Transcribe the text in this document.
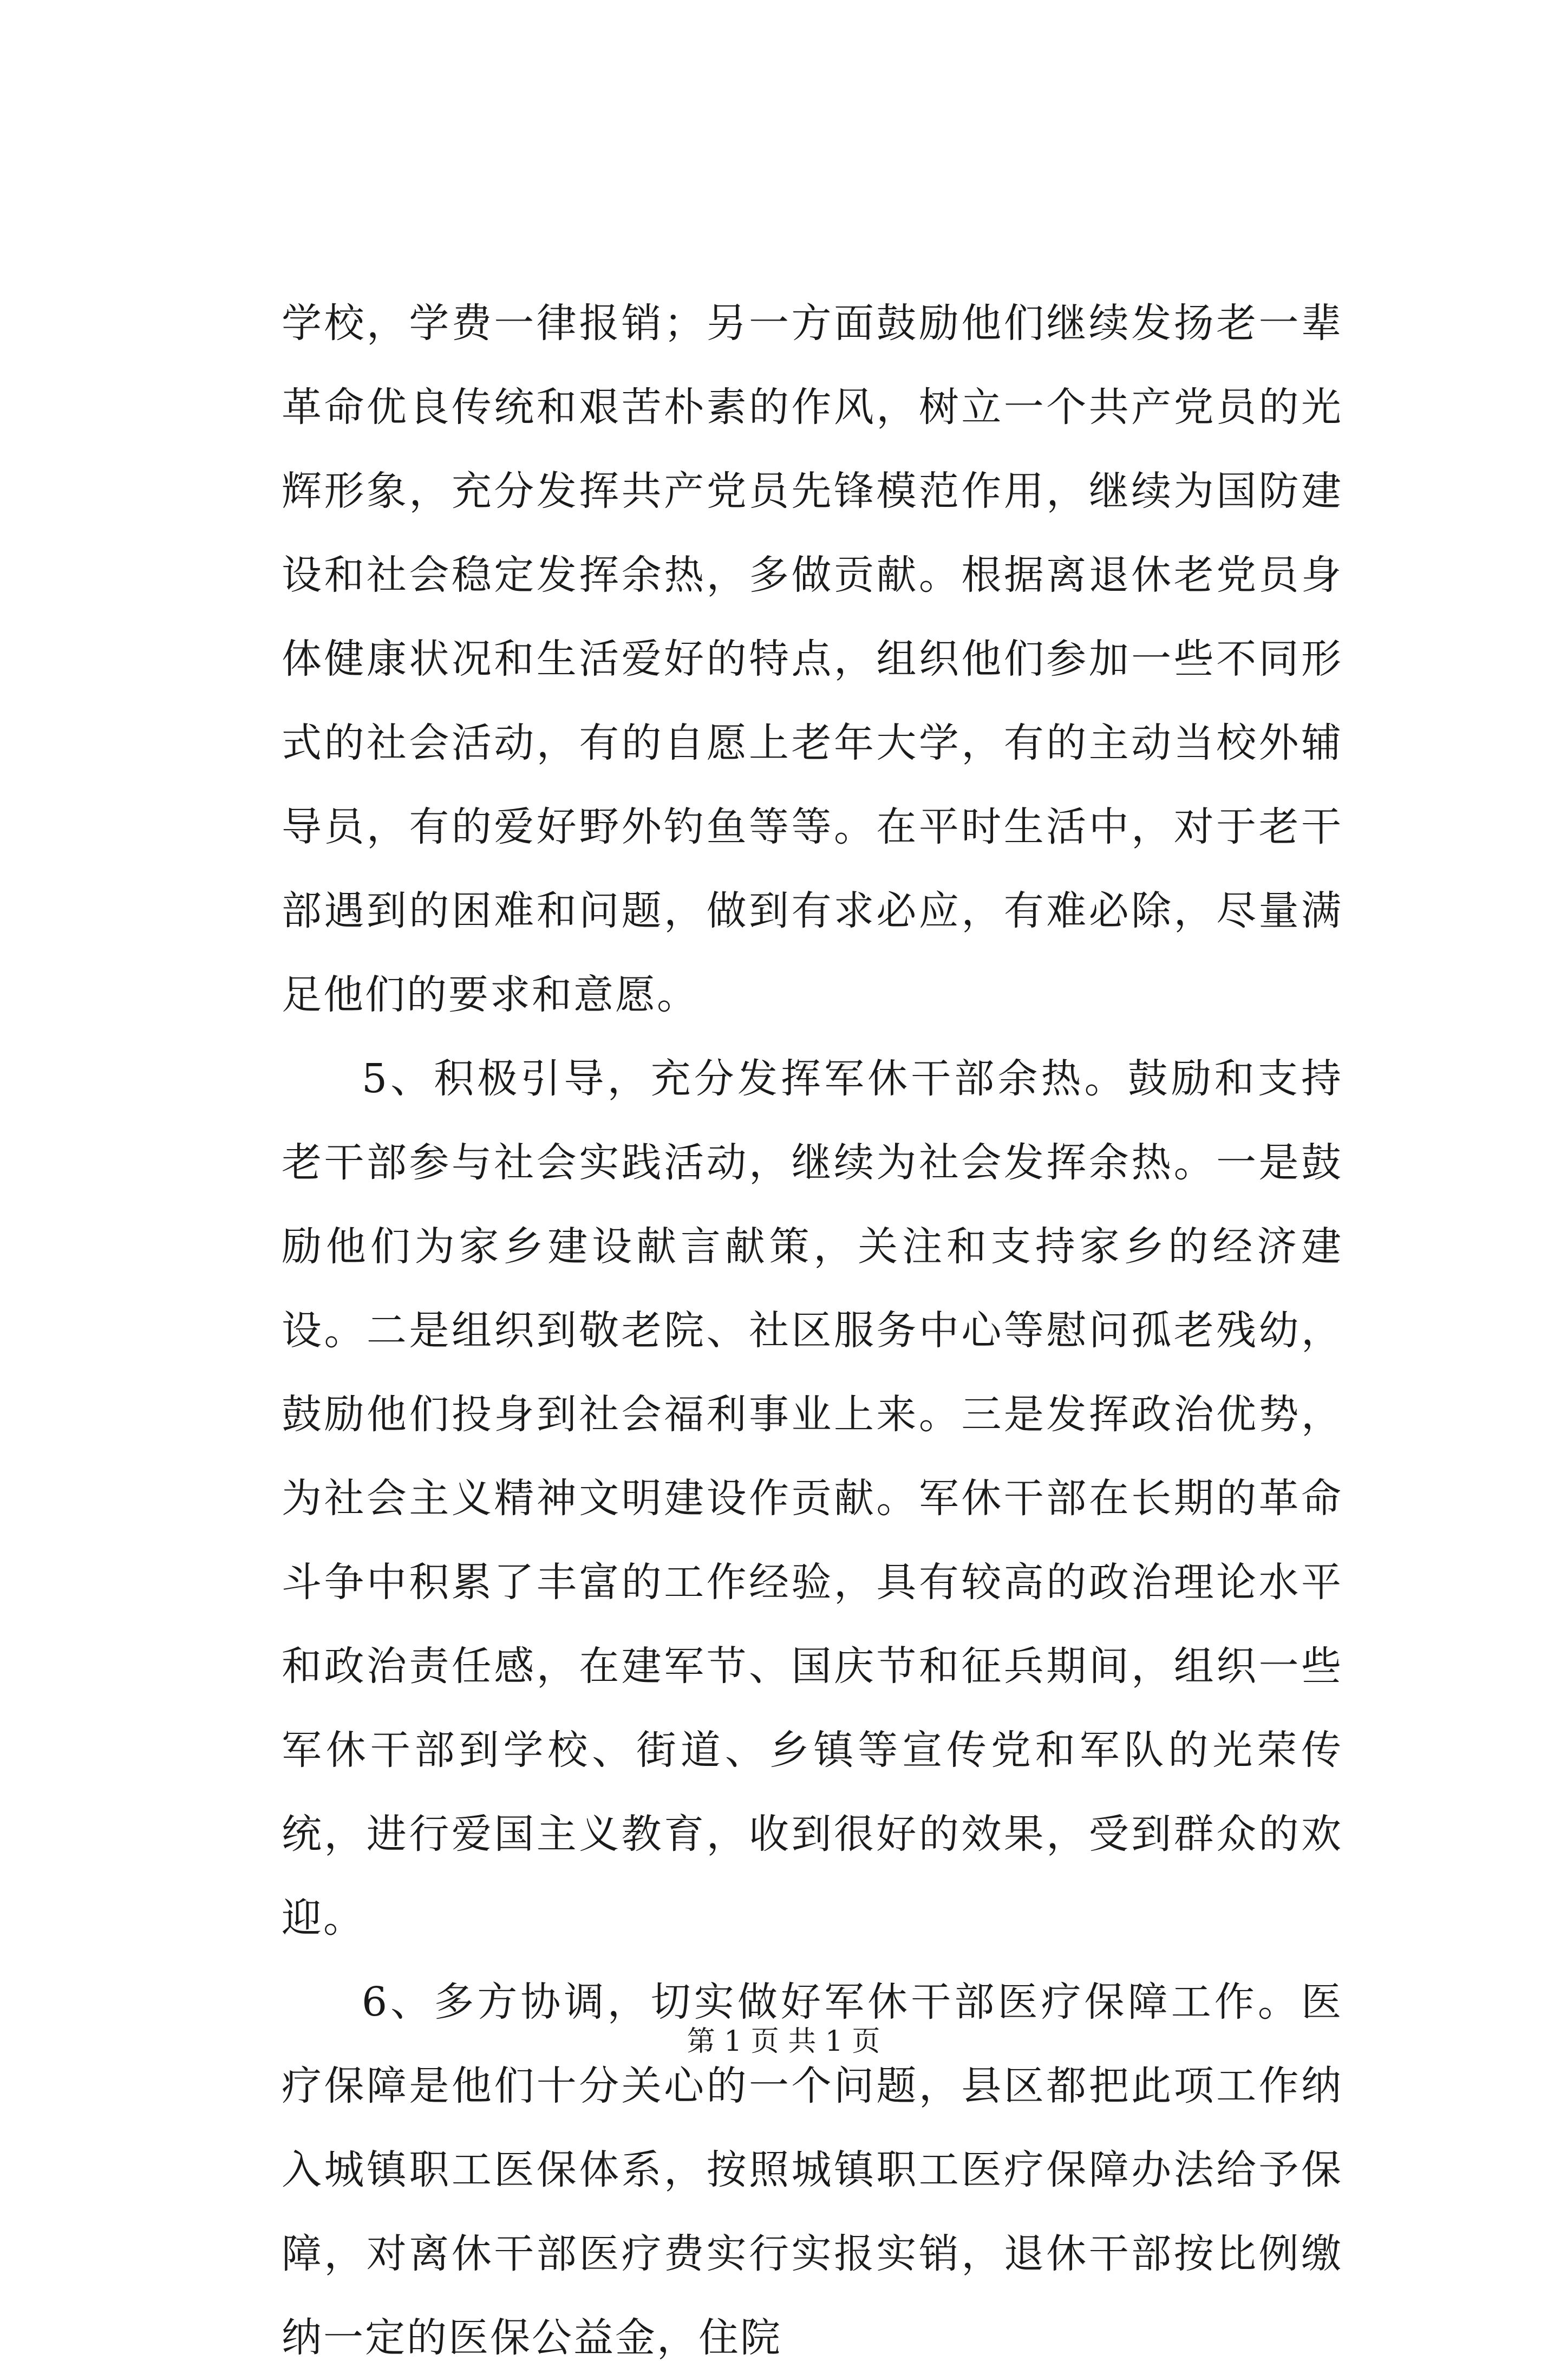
学校，学费一律报销；另一方面鼓励他们继续发扬老一辈革命优良传统和艰苦朴素的作风，树立一个共产党员的光辉形象，充分发挥共产党员先锋模范作用，继续为国防建设和社会稳定发挥余热，多做贡献。根据离退休老党员身体健康状况和生活爱好的特点，组织他们参加一些不同形式的社会活动，有的自愿上老年大学，有的主动当校外辅导员，有的爱好野外钓鱼等等。在平时生活中，对于老干部遇到的困难和问题，做到有求必应，有难必除，尽量满足他们的要求和意愿。

5、积极引导，充分发挥军休干部余热。鼓励和支持老干部参与社会实践活动，继续为社会发挥余热。一是鼓励他们为家乡建设献言献策，关注和支持家乡的经济建设。二是组织到敬老院、社区服务中心等慰问孤老残幼，鼓励他们投身到社会福利事业上来。三是发挥政治优势，为社会主义精神文明建设作贡献。军休干部在长期的革命斗争中积累了丰富的工作经验，具有较高的政治理论水平和政治责任感，在建军节、国庆节和征兵期间，组织一些军休干部到学校、街道、乡镇等宣传党和军队的光荣传统，进行爱国主义教育，收到很好的效果，受到群众的欢迎。

6、多方协调，切实做好军休干部医疗保障工作。医疗保障是他们十分关心的一个问题，县区都把此项工作纳入城镇职工医保体系，按照城镇职工医疗保障办法给予保障，对离休干部医疗费实行实报实销，退休干部按比例缴纳一定的医保公益金，住院

第 1 页 共 1 页
